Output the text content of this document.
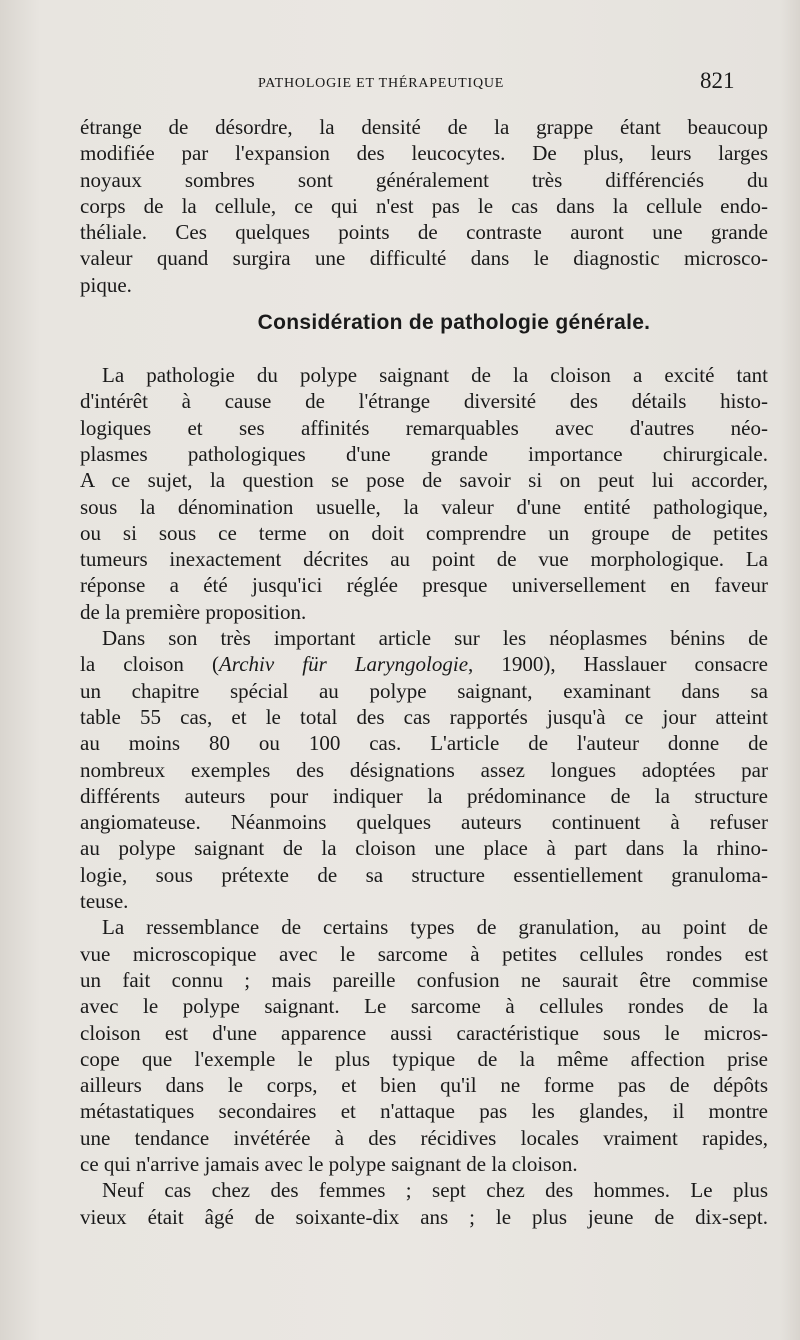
PATHOLOGIE ET THÉRAPEUTIQUE	821
étrange de désordre, la densité de la grappe étant beaucoup
modifiée par l'expansion des leucocytes. De plus, leurs larges
noyaux sombres sont généralement très différenciés du
corps de la cellule, ce qui n'est pas le cas dans la cellule endo-
théliale. Ces quelques points de contraste auront une grande
valeur quand surgira une difficulté dans le diagnostic microsco-
pique.
Considération de pathologie générale.
La pathologie du polype saignant de la cloison a excité tant
d'intérêt à cause de l'étrange diversité des détails histo-
logiques et ses affinités remarquables avec d'autres néo-
plasmes pathologiques d'une grande importance chirurgicale.
A ce sujet, la question se pose de savoir si on peut lui accorder,
sous la dénomination usuelle, la valeur d'une entité pathologique,
ou si sous ce terme on doit comprendre un groupe de petites
tumeurs inexactement décrites au point de vue morphologique. La
réponse a été jusqu'ici réglée presque universellement en faveur
de la première proposition.
Dans son très important article sur les néoplasmes bénins de
la cloison (Archiv für Laryngologie, 1900), Hasslauer consacre
un chapitre spécial au polype saignant, examinant dans sa
table 55 cas, et le total des cas rapportés jusqu'à ce jour atteint
au moins 80 ou 100 cas. L'article de l'auteur donne de
nombreux exemples des désignations assez longues adoptées par
différents auteurs pour indiquer la prédominance de la structure
angiomateuse. Néanmoins quelques auteurs continuent à refuser
au polype saignant de la cloison une place à part dans la rhino-
logie, sous prétexte de sa structure essentiellement granuloma-
teuse.
La ressemblance de certains types de granulation, au point de
vue microscopique avec le sarcome à petites cellules rondes est
un fait connu ; mais pareille confusion ne saurait être commise
avec le polype saignant. Le sarcome à cellules rondes de la
cloison est d'une apparence aussi caractéristique sous le micros-
cope que l'exemple le plus typique de la même affection prise
ailleurs dans le corps, et bien qu'il ne forme pas de dépôts
métastatiques secondaires et n'attaque pas les glandes, il montre
une tendance invétérée à des récidives locales vraiment rapides,
ce qui n'arrive jamais avec le polype saignant de la cloison.
Neuf cas chez des femmes ; sept chez des hommes. Le plus
vieux était âgé de soixante-dix ans ; le plus jeune de dix-sept.
